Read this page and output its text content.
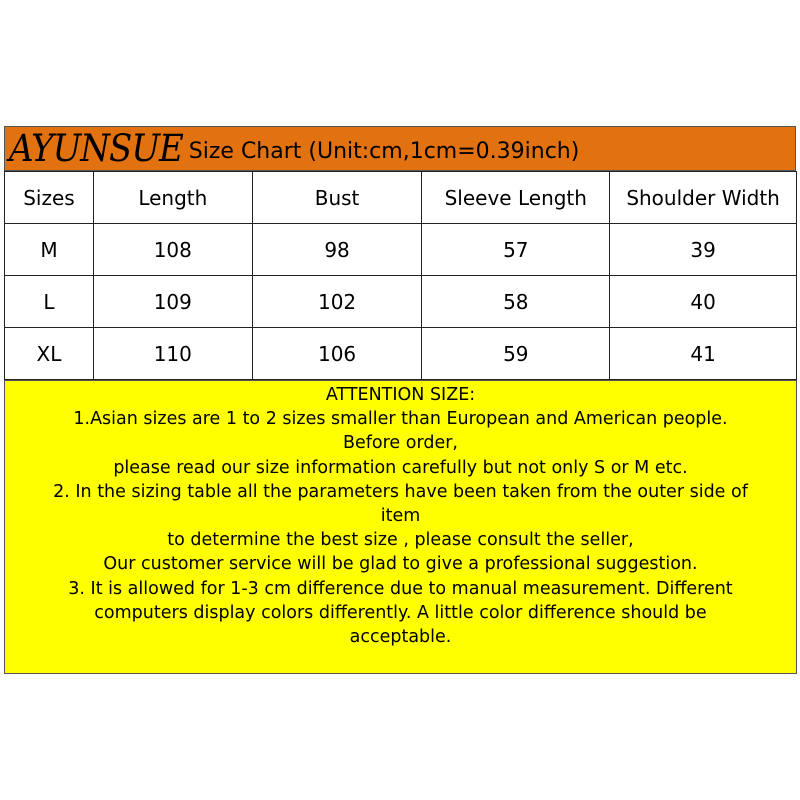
AYUNSUE Size Chart (Unit:cm,1cm=0.39inch)
Sizes	Length	Bust	Sleeve Length	Shoulder Width
M	108	98	57	39
L	109	102	58	40
XL	110	106	59	41
ATTENTION SIZE:
1.Asian sizes are 1 to 2 sizes smaller than European and American people.
Before order,
please read our size information carefully but not only S or M etc.
2. In the sizing table all the parameters have been taken from the outer side of
item
to determine the best size , please consult the seller,
Our customer service will be glad to give a professional suggestion.
3. It is allowed for 1-3 cm difference due to manual measurement. Different
computers display colors differently. A little color difference should be
acceptable.
